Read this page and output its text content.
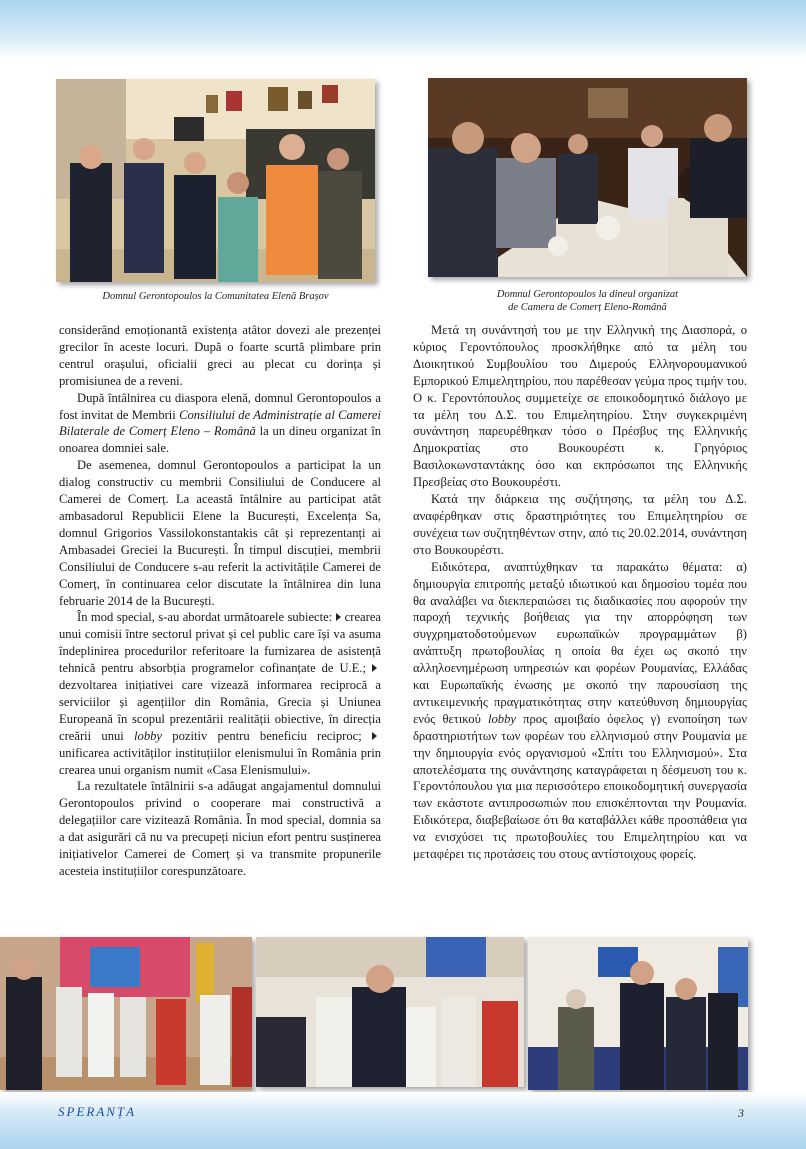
Domnul Gerontopoulos la Comunitatea Elenă Brașov	Domnul Gerontopoulos la dineul organizat
de Camera de Comerț Eleno-Română

considerând emoționantă existența atâtor dovezi ale prezenței grecilor în aceste locuri. După o foarte scurtă plimbare prin centrul orașului, oficialii greci au plecat cu dorința și promisiunea de a reveni.

După întâlnirea cu diaspora elenă, domnul Gerontopoulos a fost invitat de Membrii Consiliului de Administrație al Camerei Bilaterale de Comerț Eleno – Română la un dineu organizat în onoarea domniei sale.

De asemenea, domnul Gerontopoulos a participat la un dialog constructiv cu membrii Consiliului de Conducere al Camerei de Comerț. La această întâlnire au participat atât ambasadorul Republicii Elene la București, Excelența Sa, domnul Grigorios Vassilokonstantakis cât și reprezentanți ai Ambasadei Greciei la București. În timpul discuției, membrii Consiliului de Conducere s-au referit la activitățile Camerei de Comerț, în continuarea celor discutate la întâlnirea din luna februarie 2014 de la București.

În mod special, s-au abordat următoarele subiecte: crearea unui comisii între sectorul privat și cel public care își va asuma îndeplinirea procedurilor referitoare la furnizarea de asistență tehnică pentru absorbția programelor cofinanțate de U.E.; dezvoltarea inițiativei care vizează informarea reciprocă a serviciilor și agențiilor din România, Grecia și Uniunea Europeană în scopul prezentării realității obiective, în direcția creării unui lobby pozitiv pentru beneficiu reciproc; unificarea activităților instituțiilor elenismului în România prin crearea unui organism numit «Casa Elenismului».

La rezultatele întâlnirii s-a adăugat angajamentul domnului Gerontopoulos privind o cooperare mai constructivă a delegațiilor care vizitează România. În mod special, domnia sa a dat asigurări că nu va precupeți niciun efort pentru susținerea inițiativelor Camerei de Comerț și va transmite propunerile acesteia instituțiilor corespunzătoare.

Μετά τη συνάντησή του με την Ελληνική της Διασπορά, ο κύριος Γεροντόπουλος προσκλήθηκε από τα μέλη του Διοικητικού Συμβουλίου του Διμερούς Ελληνορουμανικού Εμπορικού Επιμελητηρίου, που παρέθεσαν γεύμα προς τιμήν του. Ο κ. Γεροντόπουλος συμμετείχε σε εποικοδομητικό διάλογο με τα μέλη του Δ.Σ. του Επιμελητηρίου. Στην συγκεκριμένη συνάντηση παρευρέθηκαν τόσο ο Πρέσβυς της Ελληνικής Δημοκρατίας στο Βουκουρέστι κ. Γρηγόριος Βασιλοκωνσταντάκης όσο και εκπρόσωποι της Ελληνικής Πρεσβείας στο Βουκουρέστι.

Κατά την διάρκεια της συζήτησης, τα μέλη του Δ.Σ. αναφέρθηκαν στις δραστηριότητες του Επιμελητηρίου σε συνέχεια των συζητηθέντων στην, από τις 20.02.2014, συνάντηση στο Βουκουρέστι.

Ειδικότερα, αναπτύχθηκαν τα παρακάτω θέματα: α) δημιουργία επιτροπής μεταξύ ιδιωτικού και δημοσίου τομέα που θα αναλάβει να διεκπεραιώσει τις διαδικασίες που αφορούν την παροχή τεχνικής βοήθειας για την απορρόφηση των συγχρηματοδοτούμενων ευρωπαϊκών προγραμμάτων β) ανάπτυξη πρωτοβουλίας η οποία θα έχει ως σκοπό την αλληλοενημέρωση υπηρεσιών και φορέων Ρουμανίας, Ελλάδας και Ευρωπαϊκής ένωσης με σκοπό την παρουσίαση της αντικειμενικής πραγματικότητας στην κατεύθυνση δημιουργίας ενός θετικού lobby προς αμοιβαίο όφελος γ) ενοποίηση των δραστηριοτήτων των φορέων του ελληνισμού στην Ρουμανία με την δημιουργία ενός οργανισμού «Σπίτι του Ελληνισμού». Στα αποτελέσματα της συνάντησης καταγράφεται η δέσμευση του κ. Γεροντόπουλου για μια περισσότερο εποικοδομητική συνεργασία των εκάστοτε αντιπροσωπιών που επισκέπτονται την Ρουμανία. Ειδικότερα, διαβεβαίωσε ότι θα καταβάλλει κάθε προσπάθεια για να ενισχύσει τις πρωτοβουλίες του Επιμελητηρίου και να μεταφέρει τις προτάσεις του στους αντίστοιχους φορείς.

SPERANȚA	3
